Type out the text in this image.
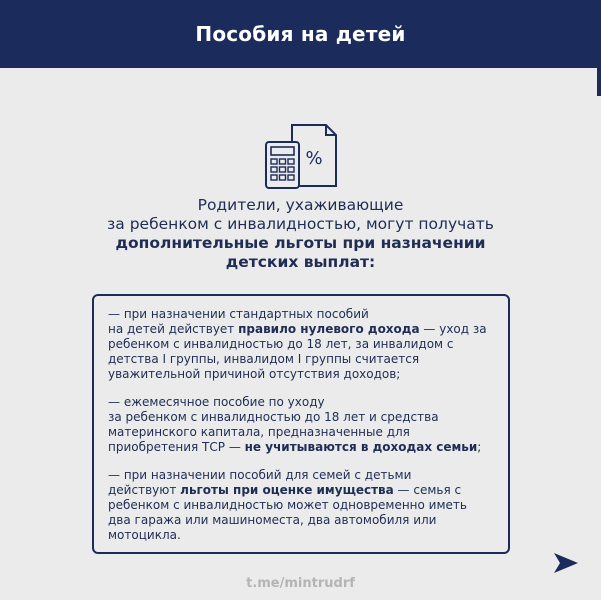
Пособия на детей
%
Родители, ухаживающие
за ребенком с инвалидностью, могут получать
дополнительные льготы при назначении
детских выплат:
— при назначении стандартных пособий
на детей действует правило нулевого дохода — уход за
ребенком с инвалидностью до 18 лет, за инвалидом с
детства I группы, инвалидом I группы считается
уважительной причиной отсутствия доходов;
— ежемесячное пособие по уходу
за ребенком с инвалидностью до 18 лет и средства
материнского капитала, предназначенные для
приобретения ТСР — не учитываются в доходах семьи;
— при назначении пособий для семей с детьми
действуют льготы при оценке имущества — семья с
ребенком с инвалидностью может одновременно иметь
два гаража или машиноместа, два автомобиля или
мотоцикла.
t.me/mintrudrf
